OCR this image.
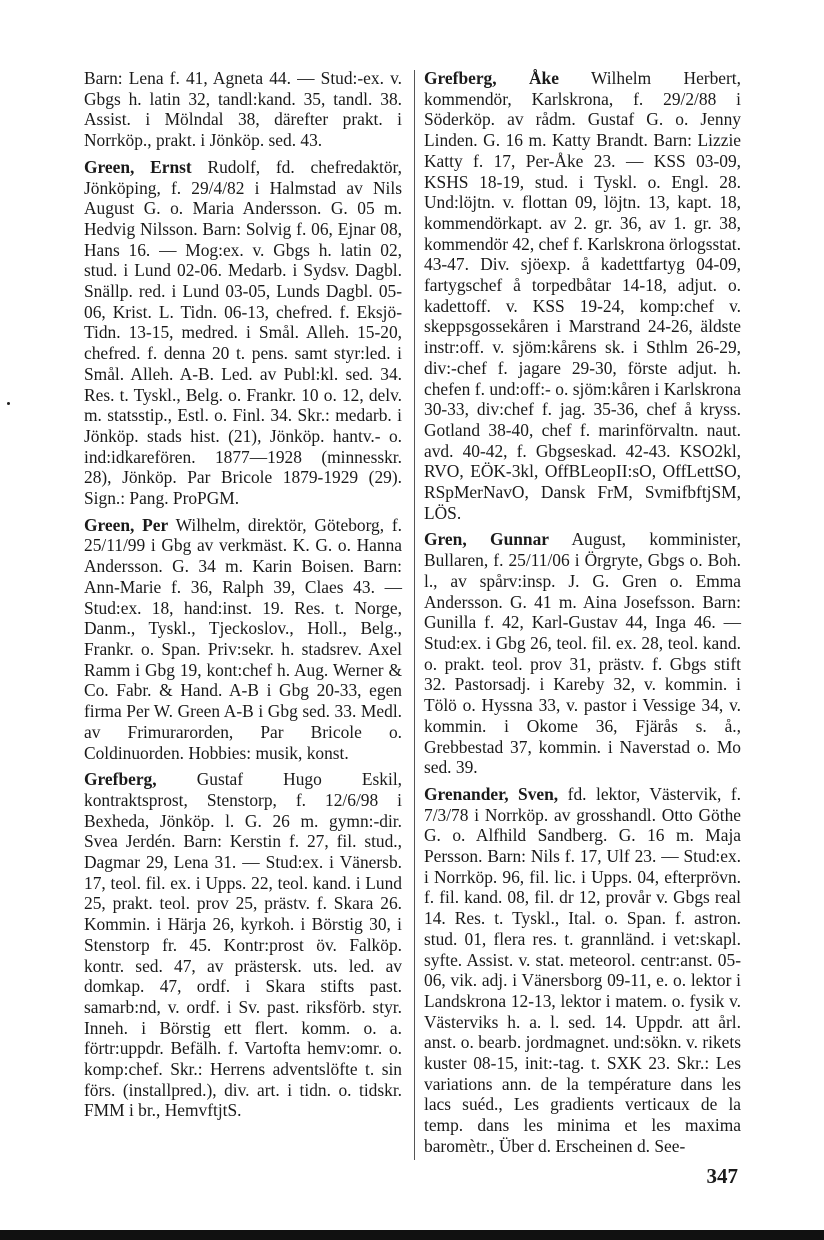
Barn: Lena f. 41, Agneta 44. — Stud:-ex. v. Gbgs h. latin 32, tandl:kand. 35, tandl. 38. Assist. i Mölndal 38, därefter prakt. i Norrköp., prakt. i Jönköp. sed. 43.

Green, Ernst Rudolf, fd. chefredaktör, Jönköping, f. 29/4/82 i Halmstad av Nils August G. o. Maria Andersson. G. 05 m. Hedvig Nilsson. Barn: Solvig f. 06, Ejnar 08, Hans 16. — Mog:ex. v. Gbgs h. latin 02, stud. i Lund 02-06. Medarb. i Sydsv. Dagbl. Snällp. red. i Lund 03-05, Lunds Dagbl. 05-06, Krist. L. Tidn. 06-13, chefred. f. Eksjö-Tidn. 13-15, medred. i Smål. Alleh. 15-20, chefred. f. denna 20 t. pens. samt styr:led. i Smål. Alleh. A-B. Led. av Publ:kl. sed. 34. Res. t. Tyskl., Belg. o. Frankr. 10 o. 12, delv. m. statsstip., Estl. o. Finl. 34. Skr.: medarb. i Jönköp. stads hist. (21), Jönköp. hantv.- o. ind:idkarefören. 1877—1928 (minnesskr. 28), Jönköp. Par Bricole 1879-1929 (29). Sign.: Pang. ProPGM.

Green, Per Wilhelm, direktör, Göteborg, f. 25/11/99 i Gbg av verkmäst. K. G. o. Hanna Andersson. G. 34 m. Karin Boisen. Barn: Ann-Marie f. 36, Ralph 39, Claes 43. — Stud:ex. 18, hand:inst. 19. Res. t. Norge, Danm., Tyskl., Tjeckoslov., Holl., Belg., Frankr. o. Span. Priv:sekr. h. stadsrev. Axel Ramm i Gbg 19, kont:chef h. Aug. Werner & Co. Fabr. & Hand. A-B i Gbg 20-33, egen firma Per W. Green A-B i Gbg sed. 33. Medl. av Frimurarorden, Par Bricole o. Coldinuorden. Hobbies: musik, konst.

Grefberg, Gustaf Hugo Eskil, kontraktsprost, Stenstorp, f. 12/6/98 i Bexheda, Jönköp. l. G. 26 m. gymn:-dir. Svea Jerdén. Barn: Kerstin f. 27, fil. stud., Dagmar 29, Lena 31. — Stud:ex. i Vänersb. 17, teol. fil. ex. i Upps. 22, teol. kand. i Lund 25, prakt. teol. prov 25, prästv. f. Skara 26. Kommin. i Härja 26, kyrkoh. i Börstig 30, i Stenstorp fr. 45. Kontr:prost öv. Falköp. kontr. sed. 47, av prästersk. uts. led. av domkap. 47, ordf. i Skara stifts past. samarb:nd, v. ordf. i Sv. past. riksförb. styr. Inneh. i Börstig ett flert. komm. o. a. förtr:uppdr. Befälh. f. Vartofta hemv:omr. o. komp:chef. Skr.: Herrens adventslöfte t. sin förs. (installpred.), div. art. i tidn. o. tidskr. FMM i br., HemvftjtS.

Grefberg, Åke Wilhelm Herbert, kommendör, Karlskrona, f. 29/2/88 i Söderköp. av rådm. Gustaf G. o. Jenny Linden. G. 16 m. Katty Brandt. Barn: Lizzie Katty f. 17, Per-Åke 23. — KSS 03-09, KSHS 18-19, stud. i Tyskl. o. Engl. 28. Und:löjtn. v. flottan 09, löjtn. 13, kapt. 18, kommendörkapt. av 2. gr. 36, av 1. gr. 38, kommendör 42, chef f. Karlskrona örlogsstat. 43-47. Div. sjöexp. å kadettfartyg 04-09, fartygschef å torpedbåtar 14-18, adjut. o. kadettoff. v. KSS 19-24, komp:chef v. skeppsgossekåren i Marstrand 24-26, äldste instr:off. v. sjöm:kårens sk. i Sthlm 26-29, div:-chef f. jagare 29-30, förste adjut. h. chefen f. und:off:- o. sjöm:kåren i Karlskrona 30-33, div:chef f. jag. 35-36, chef å kryss. Gotland 38-40, chef f. marinförvaltn. naut. avd. 40-42, f. Gbgseskad. 42-43. KSO2kl, RVO, EÖK-3kl, OffBLeopII:sO, OffLettSO, RSpMerNavO, Dansk FrM, SvmifbftjSM, LÖS.

Gren, Gunnar August, komminister, Bullaren, f. 25/11/06 i Örgryte, Gbgs o. Boh. l., av spårv:insp. J. G. Gren o. Emma Andersson. G. 41 m. Aina Josefsson. Barn: Gunilla f. 42, Karl-Gustav 44, Inga 46. — Stud:ex. i Gbg 26, teol. fil. ex. 28, teol. kand. o. prakt. teol. prov 31, prästv. f. Gbgs stift 32. Pastorsadj. i Kareby 32, v. kommin. i Tölö o. Hyssna 33, v. pastor i Vessige 34, v. kommin. i Okome 36, Fjärås s. å., Grebbestad 37, kommin. i Naverstad o. Mo sed. 39.

Grenander, Sven, fd. lektor, Västervik, f. 7/3/78 i Norrköp. av grosshandl. Otto Göthe G. o. Alfhild Sandberg. G. 16 m. Maja Persson. Barn: Nils f. 17, Ulf 23. — Stud:ex. i Norrköp. 96, fil. lic. i Upps. 04, efterprövn. f. fil. kand. 08, fil. dr 12, provår v. Gbgs real 14. Res. t. Tyskl., Ital. o. Span. f. astron. stud. 01, flera res. t. grannländ. i vet:skapl. syfte. Assist. v. stat. meteorol. centr:anst. 05-06, vik. adj. i Vänersborg 09-11, e. o. lektor i Landskrona 12-13, lektor i matem. o. fysik v. Västerviks h. a. l. sed. 14. Uppdr. att årl. anst. o. bearb. jordmagnet. und:sökn. v. rikets kuster 08-15, init:-tag. t. SXK 23. Skr.: Les variations ann. de la température dans les lacs suéd., Les gradients verticaux de la temp. dans les minima et les maxima baromètr., Über d. Erscheinen d. See-

347
